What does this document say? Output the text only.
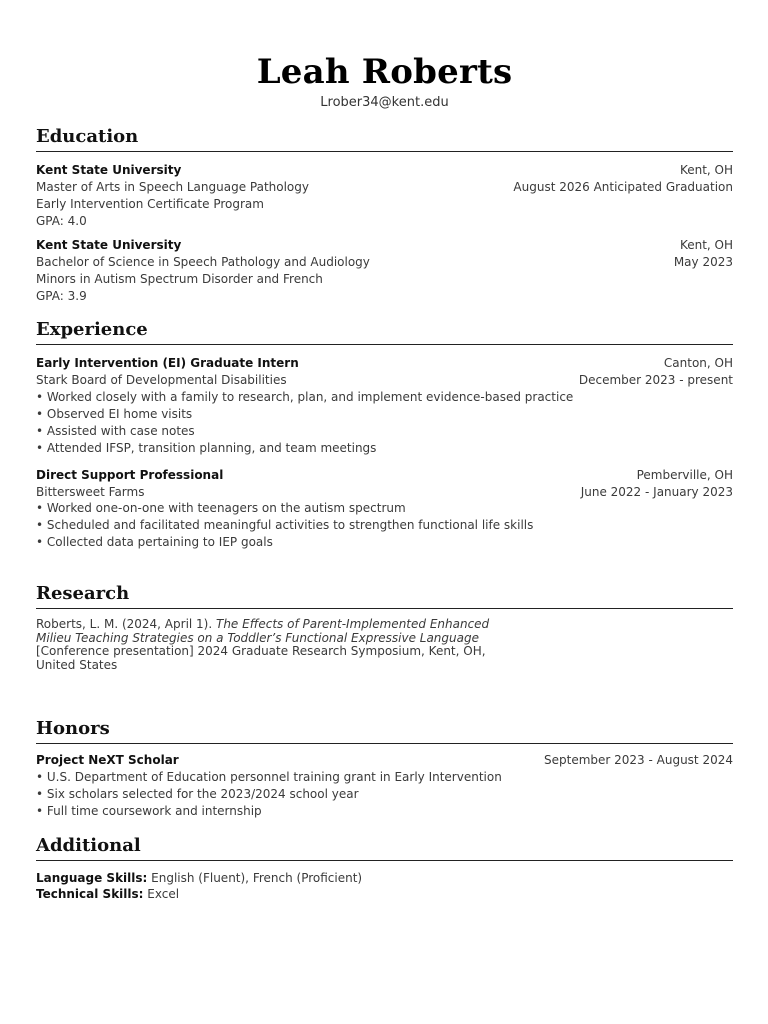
Leah Roberts
Lrober34@kent.edu
Education
Kent State University	Kent, OH
Master of Arts in Speech Language Pathology	August 2026 Anticipated Graduation
Early Intervention Certificate Program
GPA: 4.0
Kent State University	Kent, OH
Bachelor of Science in Speech Pathology and Audiology	May 2023
Minors in Autism Spectrum Disorder and French
GPA: 3.9
Experience
Early Intervention (EI) Graduate Intern	Canton, OH
Stark Board of Developmental Disabilities	December 2023 - present
• Worked closely with a family to research, plan, and implement evidence-based practice
• Observed EI home visits
• Assisted with case notes
• Attended IFSP, transition planning, and team meetings
Direct Support Professional	Pemberville, OH
Bittersweet Farms	June 2022 - January 2023
• Worked one-on-one with teenagers on the autism spectrum
• Scheduled and facilitated meaningful activities to strengthen functional life skills
• Collected data pertaining to IEP goals
Research
Roberts, L. M. (2024, April 1). The Effects of Parent-Implemented Enhanced Milieu Teaching Strategies on a Toddler’s Functional Expressive Language [Conference presentation] 2024 Graduate Research Symposium, Kent, OH, United States
Honors
Project NeXT Scholar	September 2023 - August 2024
• U.S. Department of Education personnel training grant in Early Intervention
• Six scholars selected for the 2023/2024 school year
• Full time coursework and internship
Additional
Language Skills: English (Fluent), French (Proficient)
Technical Skills: Excel
